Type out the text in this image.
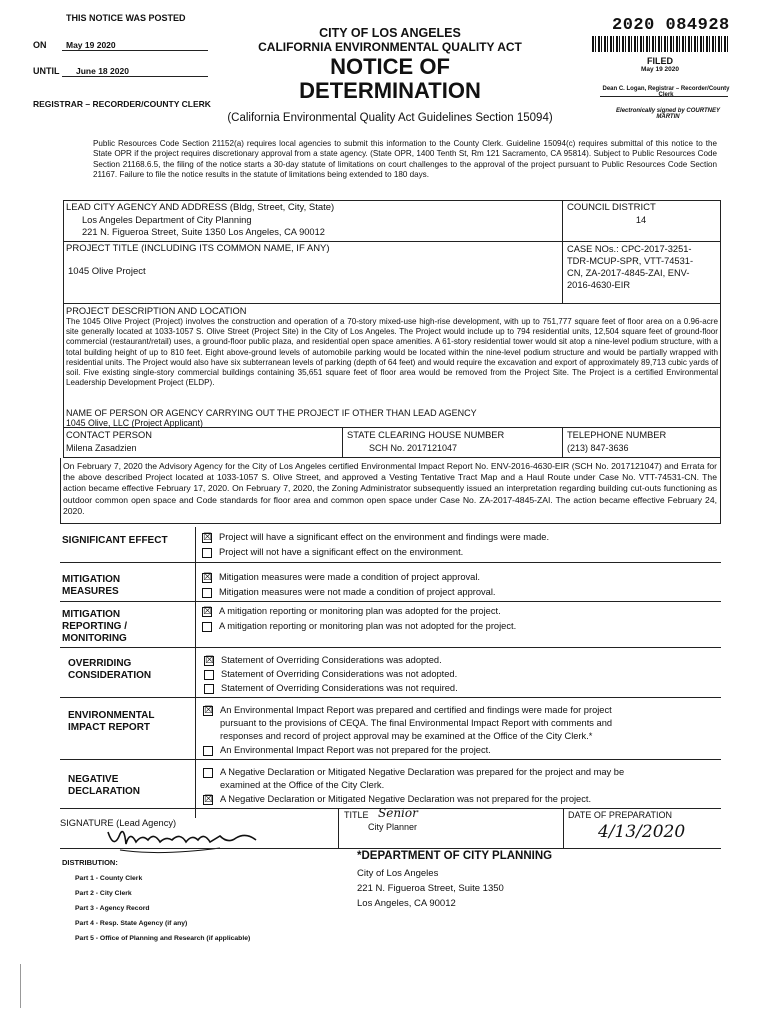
THIS NOTICE WAS POSTED
ON	May 19 2020
UNTIL	June 18 2020
REGISTRAR – RECORDER/COUNTY CLERK
CITY OF LOS ANGELES
CALIFORNIA ENVIRONMENTAL QUALITY ACT
NOTICE OF
DETERMINATION
(California Environmental Quality Act Guidelines Section 15094)
2020 084928
FILED
May 19 2020
Dean C. Logan, Registrar – Recorder/County Clerk
Electronically signed by COURTNEY MARTIN
Public Resources Code Section 21152(a) requires local agencies to submit this information to the County Clerk. Guideline 15094(c) requires submittal of this notice to the State OPR if the project requires discretionary approval from a state agency. (State OPR, 1400 Tenth St, Rm 121 Sacramento, CA 95814). Subject to Public Resources Code Section 21168.6.5, the filing of the notice starts a 30-day statute of limitations on court challenges to the approval of the project pursuant to Public Resources Code Section 21167. Failure to file the notice results in the statute of limitations being extended to 180 days.
LEAD CITY AGENCY AND ADDRESS (Bldg, Street, City, State)
Los Angeles Department of City Planning
221 N. Figueroa Street, Suite 1350 Los Angeles, CA 90012
COUNCIL DISTRICT
14
PROJECT TITLE (INCLUDING ITS COMMON NAME, IF ANY)
1045 Olive Project
CASE NOs.: CPC-2017-3251-
TDR-MCUP-SPR, VTT-74531-
CN, ZA-2017-4845-ZAI, ENV-
2016-4630-EIR
PROJECT DESCRIPTION AND LOCATION
The 1045 Olive Project (Project) involves the construction and operation of a 70-story mixed-use high-rise development, with up to 751,777 square feet of floor area on a 0.96-acre site generally located at 1033-1057 S. Olive Street (Project Site) in the City of Los Angeles. The Project would include up to 794 residential units, 12,504 square feet of ground-floor commercial (restaurant/retail) uses, a ground-floor public plaza, and residential open space amenities. A 61-story residential tower would sit atop a nine-level podium structure, with a total building height of up to 810 feet. Eight above-ground levels of automobile parking would be located within the nine-level podium structure and would be partially wrapped with residential units. The Project would also have six subterranean levels of parking (depth of 64 feet) and would require the excavation and export of approximately 89,713 cubic yards of soil. Five existing single-story commercial buildings containing 35,651 square feet of floor area would be removed from the Project Site. The Project is a certified Environmental Leadership Development Project (ELDP).
NAME OF PERSON OR AGENCY CARRYING OUT THE PROJECT IF OTHER THAN LEAD AGENCY
1045 Olive, LLC (Project Applicant)
CONTACT PERSON
Milena Zasadzien
STATE CLEARING HOUSE NUMBER
SCH No. 2017121047
TELEPHONE NUMBER
(213) 847-3636
On February 7, 2020 the Advisory Agency for the City of Los Angeles certified Environmental Impact Report No. ENV-2016-4630-EIR (SCH No. 2017121047) and Errata for the above described Project located at 1033-1057 S. Olive Street, and approved a Vesting Tentative Tract Map and a Haul Route under Case No. VTT-74531-CN. The action became effective February 17, 2020. On February 7, 2020, the Zoning Administrator subsequently issued an interpretation regarding building cut-outs functioning as outdoor common open space and Code standards for floor area and common open space under Case No. ZA-2017-4845-ZAI. The action became effective February 24, 2020.
SIGNIFICANT EFFECT	☒ Project will have a significant effect on the environment and findings were made.
Project will not have a significant effect on the environment.
MITIGATION
MEASURES
☒ Mitigation measures were made a condition of project approval.
Mitigation measures were not made a condition of project approval.
MITIGATION
REPORTING /
MONITORING
☒ A mitigation reporting or monitoring plan was adopted for the project.
A mitigation reporting or monitoring plan was not adopted for the project.
OVERRIDING
CONSIDERATION
☒ Statement of Overriding Considerations was adopted.
Statement of Overriding Considerations was not adopted.
Statement of Overriding Considerations was not required.
ENVIRONMENTAL
IMPACT REPORT
☒ An Environmental Impact Report was prepared and certified and findings were made for project
pursuant to the provisions of CEQA. The final Environmental Impact Report with comments and
responses and record of project approval may be examined at the Office of the City Clerk.*
An Environmental Impact Report was not prepared for the project.
NEGATIVE
DECLARATION
A Negative Declaration or Mitigated Negative Declaration was prepared for the project and may be
examined at the Office of the City Clerk.
☒ A Negative Declaration or Mitigated Negative Declaration was not prepared for the project.
SIGNATURE (Lead Agency)
TITLE Senior
City Planner
DATE OF PREPARATION
4/13/2020
DISTRIBUTION:
Part 1 - County Clerk
Part 2 - City Clerk
Part 3 - Agency Record
Part 4 - Resp. State Agency (if any)
Part 5 - Office of Planning and Research (if applicable)
*DEPARTMENT OF CITY PLANNING
City of Los Angeles
221 N. Figueroa Street, Suite 1350
Los Angeles, CA 90012
